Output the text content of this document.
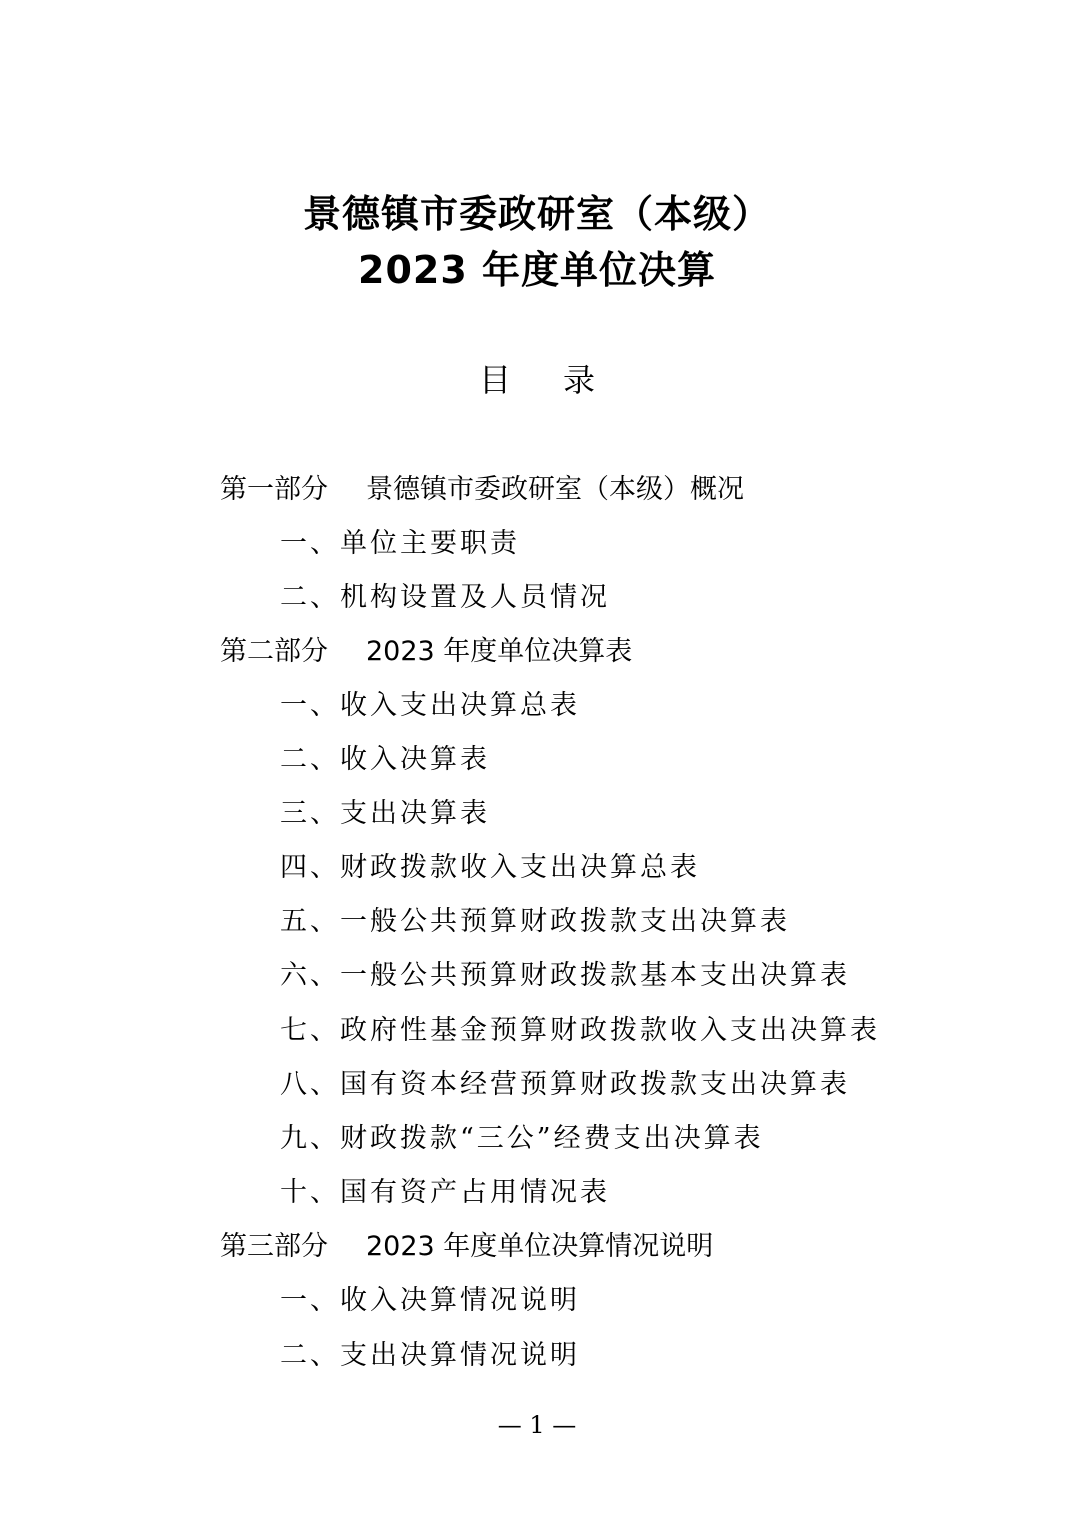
景德镇市委政研室（本级）
2023 年度单位决算
目录
第一部分 景德镇市委政研室（本级）概况
一、单位主要职责
二、机构设置及人员情况
第二部分 2023 年度单位决算表
一、收入支出决算总表
二、收入决算表
三、支出决算表
四、财政拨款收入支出决算总表
五、一般公共预算财政拨款支出决算表
六、一般公共预算财政拨款基本支出决算表
七、政府性基金预算财政拨款收入支出决算表
八、国有资本经营预算财政拨款支出决算表
九、财政拨款“三公”经费支出决算表
十、国有资产占用情况表
第三部分 2023 年度单位决算情况说明
一、收入决算情况说明
二、支出决算情况说明
— 1 —
